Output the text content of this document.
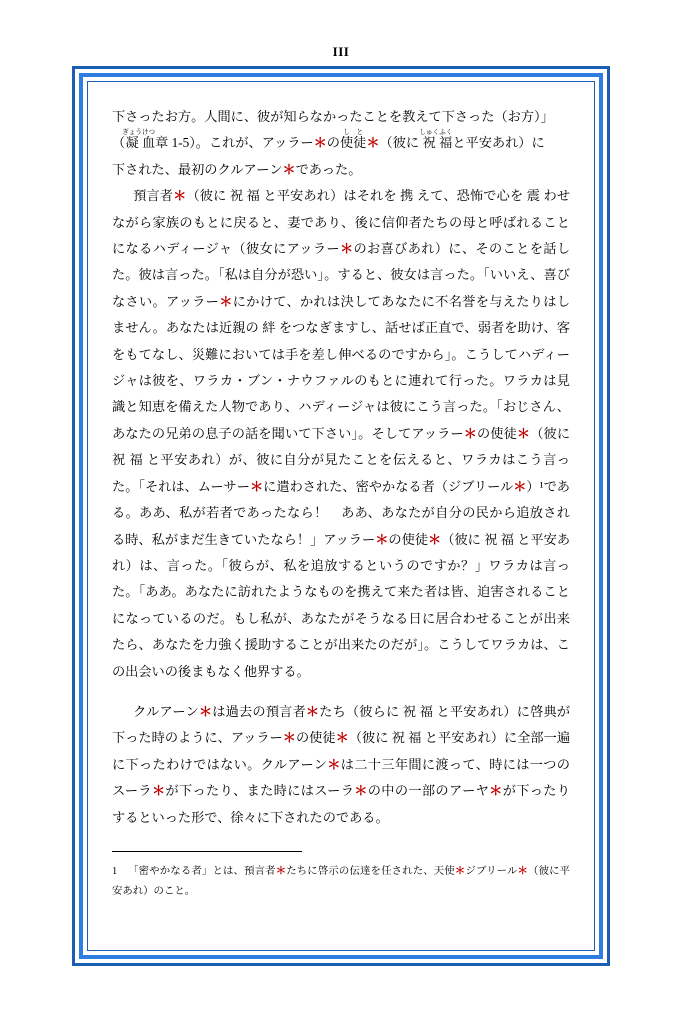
III

下さったお方。人間に、彼が知らなかったことを教えて下さった（お方）」
（凝ぎょう血けつ章 1-5）。これが、アッラー＊の使し徒と＊（彼に 祝しゅく福ふくと平安あれ）に
下された、最初のクルアーン＊であった。

預言者＊（彼に 祝 福 と平安あれ）はそれを 携 えて、恐怖で心を 震 わせながら家族のもとに戻ると、妻であり、後に信仰者たちの母と呼ばれることになるハディージャ（彼女にアッラー＊のお喜びあれ）に、そのことを話した。彼は言った。「私は自分が恐い」。すると、彼女は言った。「いいえ、喜びなさい。アッラー＊にかけて、かれは決してあなたに不名誉を与えたりはしません。あなたは近親の 絆 をつなぎますし、話せば正直で、弱者を助け、客をもてなし、災難においては手を差し伸べるのですから」。こうしてハディージャは彼を、ワラカ・ブン・ナウファルのもとに連れて行った。ワラカは見識と知恵を備えた人物であり、ハディージャは彼にこう言った。「おじさん、あなたの兄弟の息子の話を聞いて下さい」。そしてアッラー＊の使徒＊（彼に 祝 福 と平安あれ）が、彼に自分が見たことを伝えると、ワラカはこう言った。「それは、ムーサー＊に遣わされた、密やかなる者（ジブリール＊）¹である。ああ、私が若者であったなら！　ああ、あなたが自分の民から追放される時、私がまだ生きていたなら！」アッラー＊の使徒＊（彼に 祝 福 と平安あれ）は、言った。「彼らが、私を追放するというのですか？」ワラカは言った。「ああ。あなたに訪れたようなものを携えて来た者は皆、迫害されることになっているのだ。もし私が、あなたがそうなる日に居合わせることが出来たら、あなたを力強く援助することが出来たのだが」。こうしてワラカは、この出会いの後まもなく他界する。

クルアーン＊は過去の預言者＊たち（彼らに 祝 福 と平安あれ）に啓典が下った時のように、アッラー＊の使徒＊（彼に 祝 福 と平安あれ）に全部一遍に下ったわけではない。クルアーン＊は二十三年間に渡って、時には一つのスーラ＊が下ったり、また時にはスーラ＊の中の一部のアーヤ＊が下ったりするといった形で、徐々に下されたのである。

1 「密やかなる者」とは、預言者＊たちに啓示の伝達を任された、天使＊ジブリール＊（彼に平安あれ）のこと。
